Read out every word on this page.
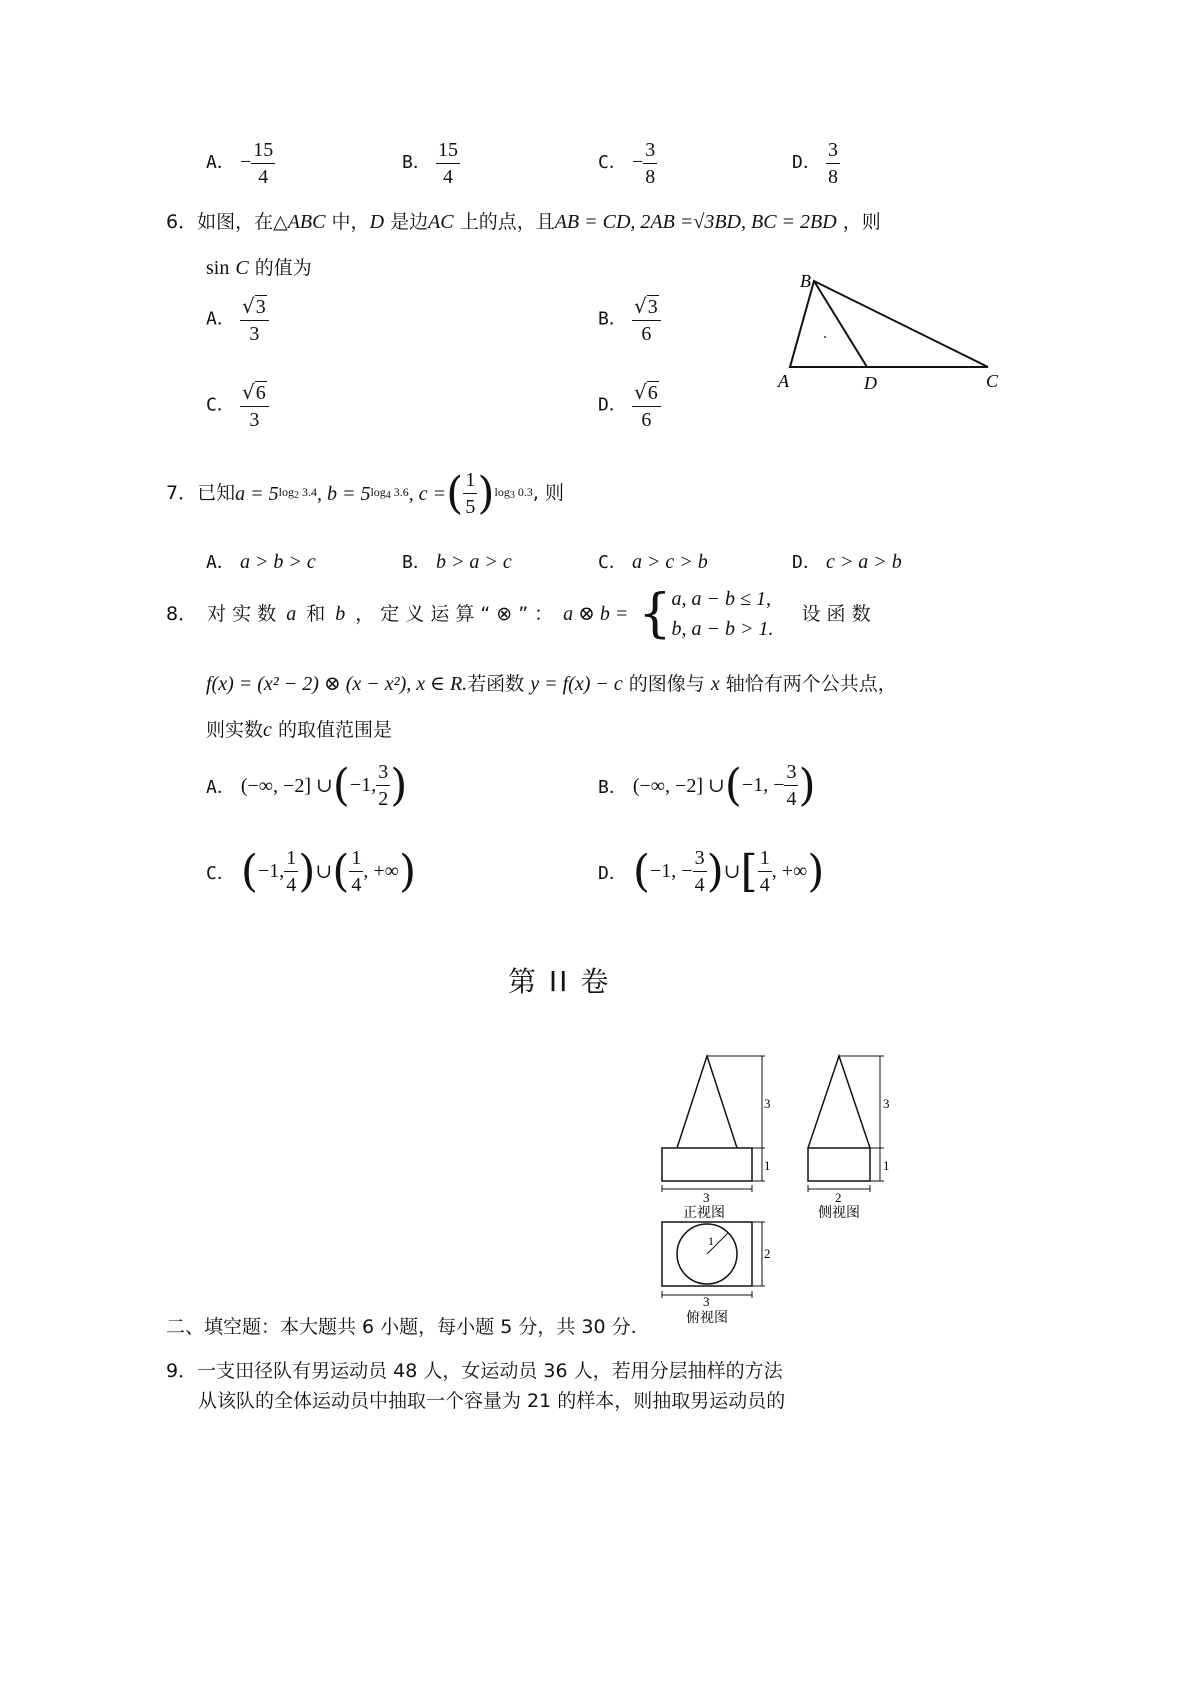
A． − $\frac{15}{4}$	B． $\frac{15}{4}$	C． − $\frac{3}{8}$	D． $\frac{3}{8}$
6．如图，在△ABC 中，D 是边AC 上的点，且AB = CD, 2AB =√3BD, BC = 2BD ，则
sin C 的值为
A． $\frac{√3}{3}$	B． $\frac{√3}{6}$
C． $\frac{√6}{3}$	D． $\frac{√6}{6}$
B
A	D	C
7． 已知 a = 5 $\log_2 3.4$ , b = 5 $\log_4 3.6$ , c = ( $\frac{1}{5}$ ) $\log_3 0.3$ , 则
A． a > b > c	B． b > a > c	C． a > c > b	D． c > a > b
8． 对 实 数 a 和 b ， 定 义 运 算 “ ⊗ ” ： a ⊗ b = { a, a − b ≤ 1,
b, a − b > 1.
设 函 数
f(x) = (x² − 2) ⊗ (x − x²), x ∈ R.若函数 y = f(x) − c 的图像与 x 轴恰有两个公共点，
则实数c 的取值范围是
A． (−∞, −2] ∪ ( −1, $\frac{3}{2}$ )	B． (−∞, −2] ∪ ( −1, − $\frac{3}{4}$ )
C． ( −1, $\frac{1}{4}$ ) ∪ ( $\frac{1}{4}$ , +∞ )	D． ( −1, − $\frac{3}{4}$ ) ∪ [ $\frac{1}{4}$ , +∞ )
第 II 卷
3
1
3
3
1
2
2
3
1
正视图	侧视图
俯视图
二、填空题：本大题共 6 小题，每小题 5 分，共 30 分.
9．一支田径队有男运动员 48 人，女运动员 36 人，若用分层抽样的方法
从该队的全体运动员中抽取一个容量为 21 的样本，则抽取男运动员的
